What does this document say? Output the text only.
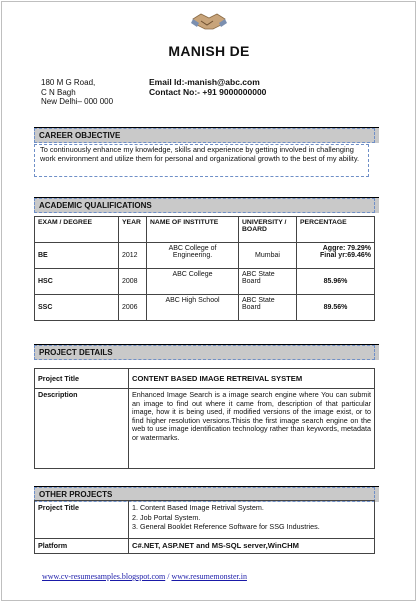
MANISH DE
180 M G Road,
C N Bagh
New Delhi– 000 000
Email Id:-manish@abc.com
Contact No:- +91 9000000000
CAREER OBJECTIVE
To continuously enhance my knowledge, skills and experience by getting involved in challenging work environment and utilize them for personal and organizational growth to the best of my ability.
ACADEMIC QUALIFICATIONS
EXAM / DEGREE	YEAR	NAME OF INSTITUTE	UNIVERSITY / BOARD	PERCENTAGE
BE	2012	ABC College of Engineering.	Mumbai	Aggre: 79.29%
Final yr:69.46%

HSC	2008	ABC College	ABC State Board	85.96%
SSC	2006	ABC High School	ABC State Board	89.56%
PROJECT DETAILS
Project Title	CONTENT BASED IMAGE RETREIVAL SYSTEM
Description	Enhanced Image Search is a image search engine where You can submit an image to find out where it came from, description of that particular image, how it is being used, if modified versions of the image exist, or to find higher resolution versions.Thisis the first image search engine on the web to use image identification technology rather than keywords, metadata or watermarks.
OTHER PROJECTS
Project Title	1. Content Based Image Retrival System.
2. Job Portal System.
3. General Booklet Reference Software for SSG Industries.

Platform	C#.NET, ASP.NET and MS-SQL server,WinCHM
www.cv-resumesamples.blogspot.com / www.resumemonster.in
